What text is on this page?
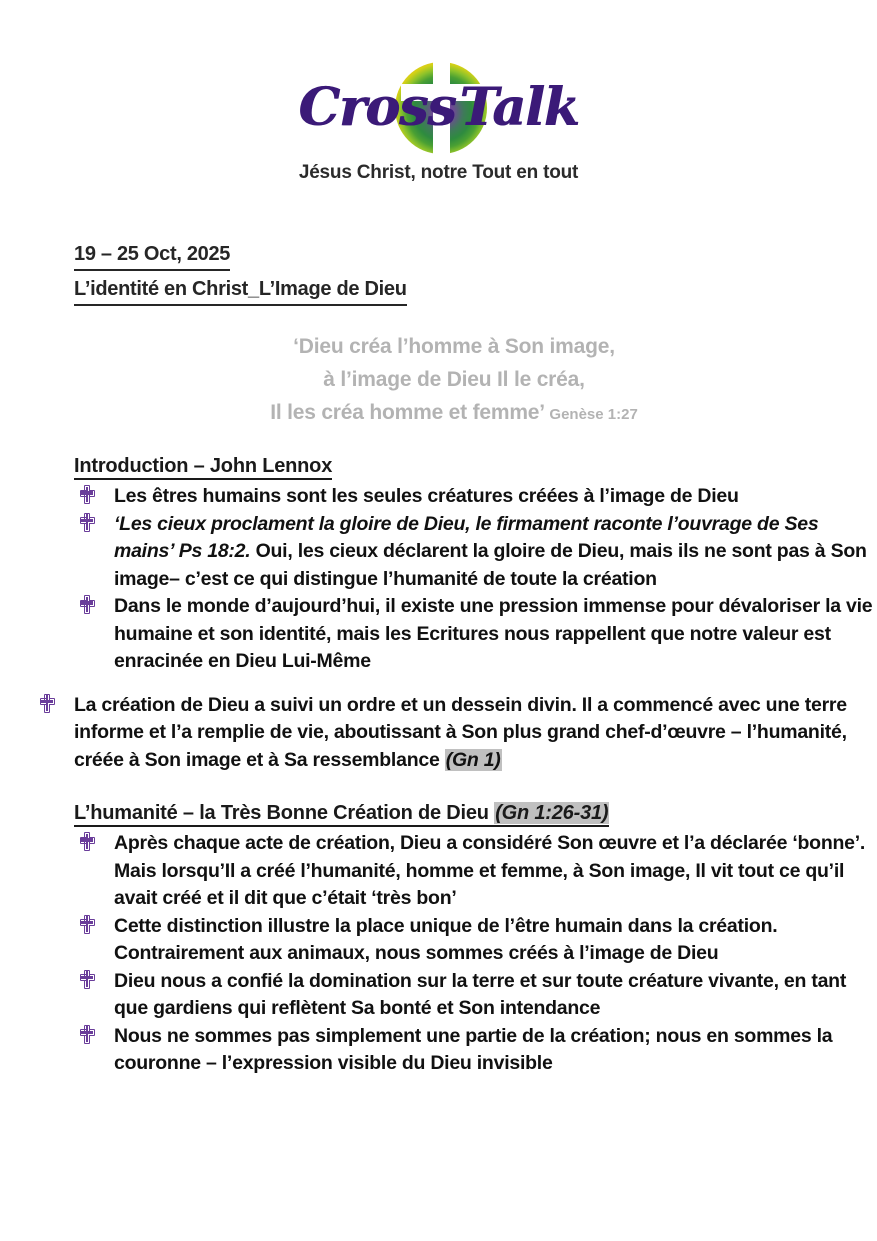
CrossTalk
Jésus Christ, notre Tout en tout
19 – 25 Oct, 2025
L’identité en Christ_L’Image de Dieu
‘Dieu créa l’homme à Son image,
à l’image de Dieu Il le créa,
Il les créa homme et femme’ Genèse 1:27
Introduction – John Lennox
Les êtres humains sont les seules créatures créées à l’image de Dieu
‘Les cieux proclament la gloire de Dieu, le firmament raconte l’ouvrage de Ses mains’ Ps 18:2. Oui, les cieux déclarent la gloire de Dieu, mais ils ne sont pas à Son image– c’est ce qui distingue l’humanité de toute la création
Dans le monde d’aujourd’hui, il existe une pression immense pour dévaloriser la vie humaine et son identité, mais les Ecritures nous rappellent que notre valeur est enracinée en Dieu Lui-Même
La création de Dieu a suivi un ordre et un dessein divin. Il a commencé avec une terre informe et l’a remplie de vie, aboutissant à Son plus grand chef-d’œuvre – l’humanité, créée à Son image et à Sa ressemblance (Gn 1)
L’humanité – la Très Bonne Création de Dieu (Gn 1:26-31)
Après chaque acte de création, Dieu a considéré Son œuvre et l’a déclarée ‘bonne’. Mais lorsqu’Il a créé l’humanité, homme et femme, à Son image, Il vit tout ce qu’il avait créé et il dit que c’était ‘très bon’
Cette distinction illustre la place unique de l’être humain dans la création. Contrairement aux animaux, nous sommes créés à l’image de Dieu
Dieu nous a confié la domination sur la terre et sur toute créature vivante, en tant que gardiens qui reflètent Sa bonté et Son intendance
Nous ne sommes pas simplement une partie de la création; nous en sommes la couronne – l’expression visible du Dieu invisible
